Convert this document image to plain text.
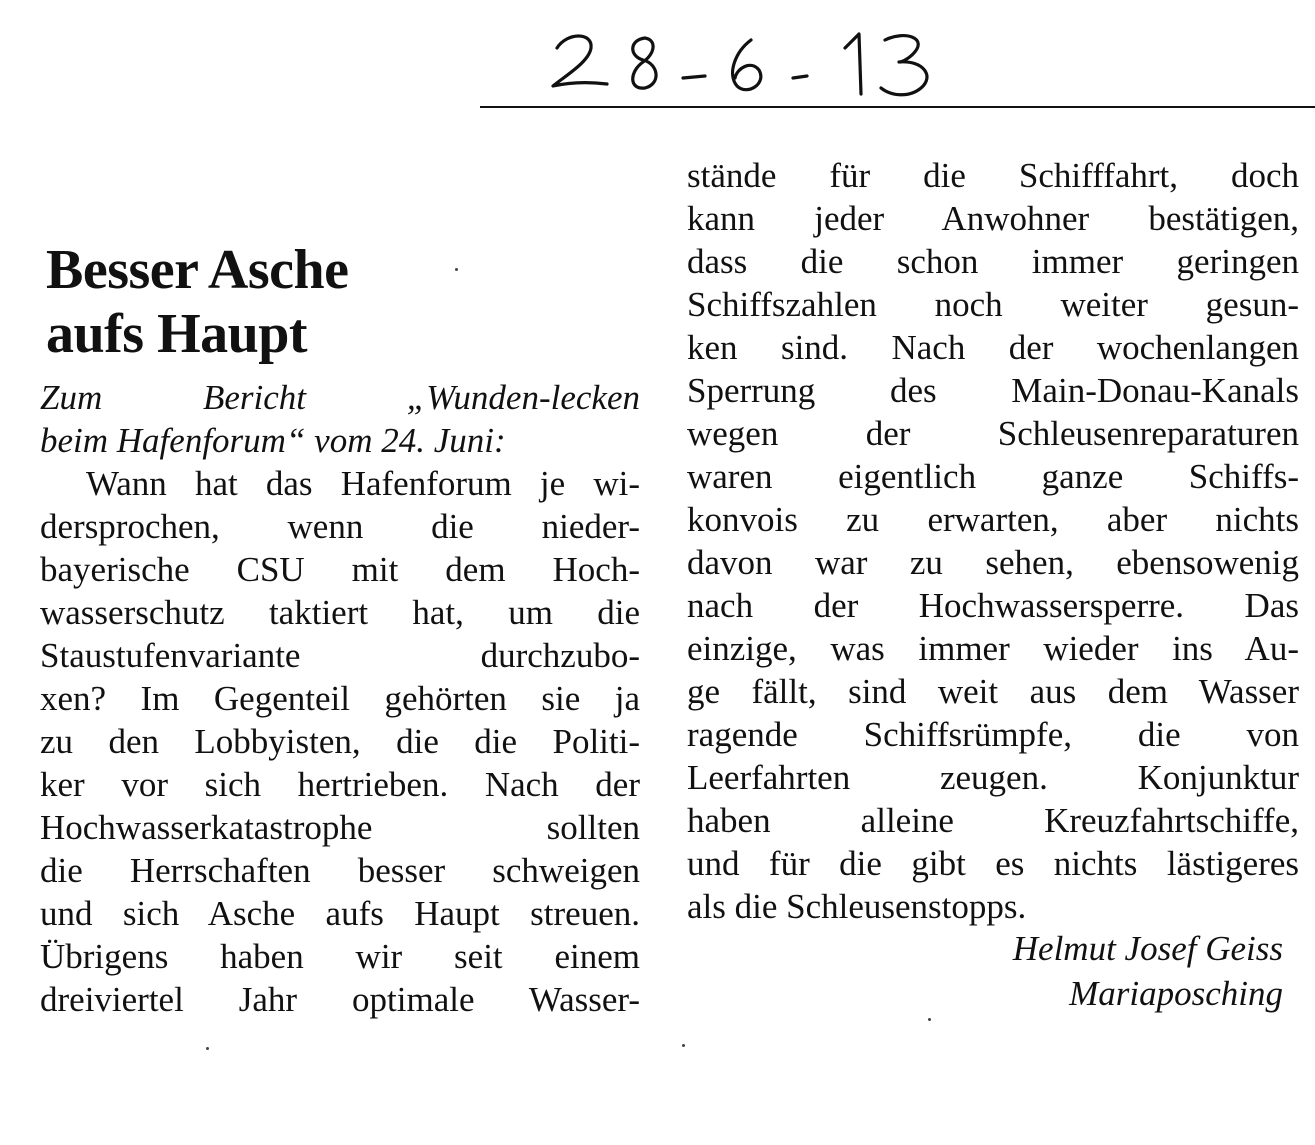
Besser Asche
aufs Haupt
Zum Bericht „Wunden-lecken
beim Hafenforum“ vom 24. Juni:
Wann hat das Hafenforum je wi-
dersprochen, wenn die nieder-
bayerische CSU mit dem Hoch-
wasserschutz taktiert hat, um die
Staustufenvariante durchzubo-
xen? Im Gegenteil gehörten sie ja
zu den Lobbyisten, die die Politi-
ker vor sich hertrieben. Nach der
Hochwasserkatastrophe sollten
die Herrschaften besser schweigen
und sich Asche aufs Haupt streuen.
Übrigens haben wir seit einem
dreiviertel Jahr optimale Wasser-
stände für die Schifffahrt, doch
kann jeder Anwohner bestätigen,
dass die schon immer geringen
Schiffszahlen noch weiter gesun-
ken sind. Nach der wochenlangen
Sperrung des Main-Donau-Kanals
wegen der Schleusenreparaturen
waren eigentlich ganze Schiffs-
konvois zu erwarten, aber nichts
davon war zu sehen, ebensowenig
nach der Hochwassersperre. Das
einzige, was immer wieder ins Au-
ge fällt, sind weit aus dem Wasser
ragende Schiffsrümpfe, die von
Leerfahrten zeugen. Konjunktur
haben alleine Kreuzfahrtschiffe,
und für die gibt es nichts lästigeres
als die Schleusenstopps.
Helmut Josef Geiss
Mariaposching
